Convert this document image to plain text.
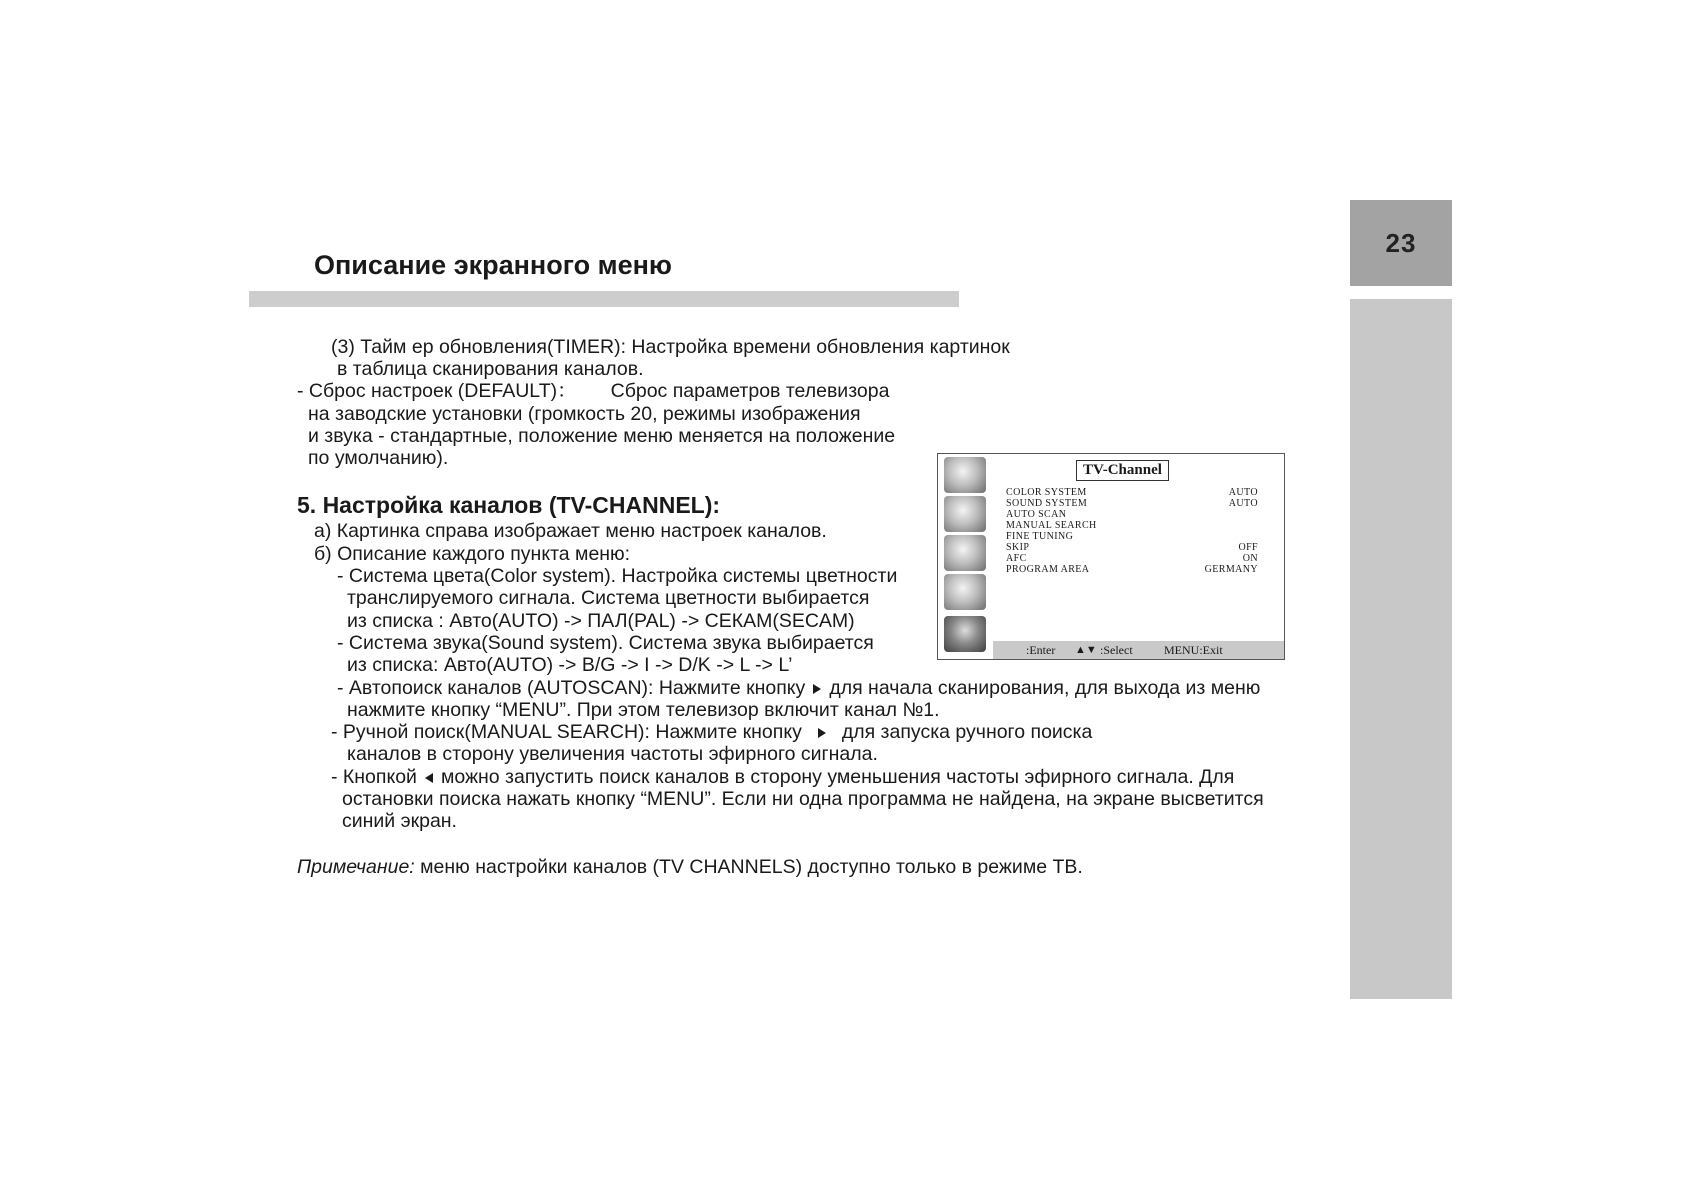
23
Описание экранного меню
(3) Тайм ер обновления(TIMER): Настройка времени обновления картинок
в таблица сканирования каналов.
- Сброс настроек (DEFAULT)： Сброс параметров телевизора
на заводские установки (громкость 20, режимы изображения
и звука - стандартные, положение меню меняется на положение
по умолчанию).
5. Настройка каналов (TV-CHANNEL):
а) Картинка справа изображает меню настроек каналов.
б) Описание каждого пункта меню:
- Система цвета(Color system). Настройка системы цветности
транслируемого сигнала. Система цветности выбирается
из списка : Авто(AUTO) -> ПАЛ(PAL) -> СЕКАМ(SECAM)
- Система звука(Sound system). Система звука выбирается
из списка: Авто(AUTO) -> B/G -> I -> D/K -> L -> L’
- Автопоиск каналов (AUTOSCAN): Нажмите кнопку для начала сканирования, для выхода из меню
нажмите кнопку “MENU”. При этом телевизор включит канал №1.
- Ручной поиск(MANUAL SEARCH): Нажмите кнопку для запуска ручного поиска
каналов в сторону увеличения частоты эфирного сигнала.
- Кнопкой можно запустить поиск каналов в сторону уменьшения частоты эфирного сигнала. Для
остановки поиска нажать кнопку “MENU”. Если ни одна программа не найдена, на экране высветится
синий экран.
Примечание: меню настройки каналов (TV CHANNELS) доступно только в режиме ТВ.
TV-Channel
COLOR SYSTEM	AUTO
SOUND SYSTEM	AUTO
AUTO SCAN
MANUAL SEARCH
FINE TUNING
SKIP	OFF
AFC	ON
PROGRAM AREA	GERMANY
:Enter ▲▼ :Select	MENU:Exit
